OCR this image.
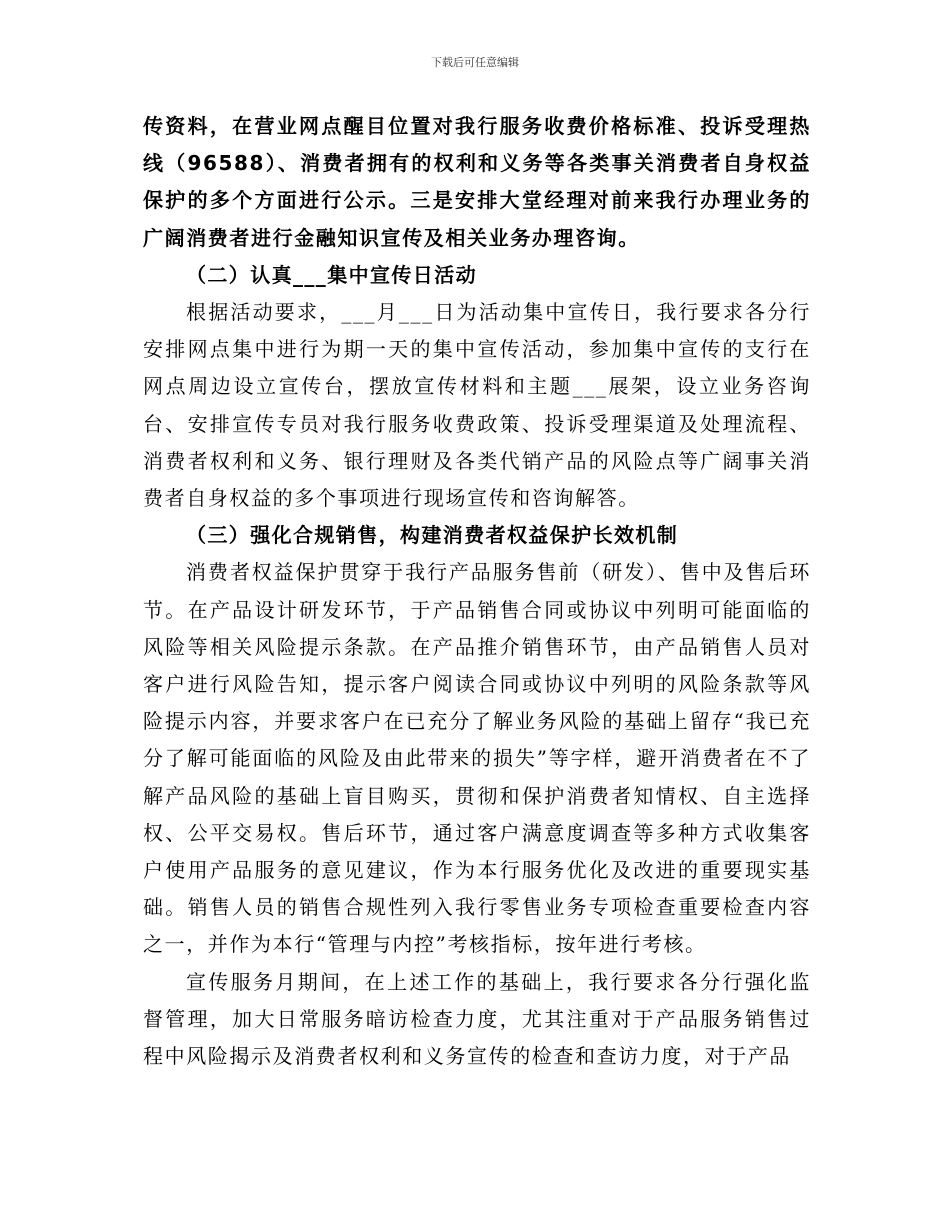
下载后可任意编辑

传资料，在营业网点醒目位置对我行服务收费价格标准、投诉受理热线（96588）、消费者拥有的权利和义务等各类事关消费者自身权益保护的多个方面进行公示。三是安排大堂经理对前来我行办理业务的广阔消费者进行金融知识宣传及相关业务办理咨询。

（二）认真___集中宣传日活动

根据活动要求，___月___日为活动集中宣传日，我行要求各分行安排网点集中进行为期一天的集中宣传活动，参加集中宣传的支行在网点周边设立宣传台，摆放宣传材料和主题___展架，设立业务咨询台、安排宣传专员对我行服务收费政策、投诉受理渠道及处理流程、消费者权利和义务、银行理财及各类代销产品的风险点等广阔事关消费者自身权益的多个事项进行现场宣传和咨询解答。

（三）强化合规销售，构建消费者权益保护长效机制

消费者权益保护贯穿于我行产品服务售前（研发）、售中及售后环节。在产品设计研发环节，于产品销售合同或协议中列明可能面临的风险等相关风险提示条款。在产品推介销售环节，由产品销售人员对客户进行风险告知，提示客户阅读合同或协议中列明的风险条款等风险提示内容，并要求客户在已充分了解业务风险的基础上留存“我已充分了解可能面临的风险及由此带来的损失”等字样，避开消费者在不了解产品风险的基础上盲目购买，贯彻和保护消费者知情权、自主选择权、公平交易权。售后环节，通过客户满意度调查等多种方式收集客户使用产品服务的意见建议，作为本行服务优化及改进的重要现实基础。销售人员的销售合规性列入我行零售业务专项检查重要检查内容之一，并作为本行“管理与内控”考核指标，按年进行考核。

宣传服务月期间，在上述工作的基础上，我行要求各分行强化监督管理，加大日常服务暗访检查力度，尤其注重对于产品服务销售过程中风险揭示及消费者权利和义务宣传的检查和查访力度，对于产品
